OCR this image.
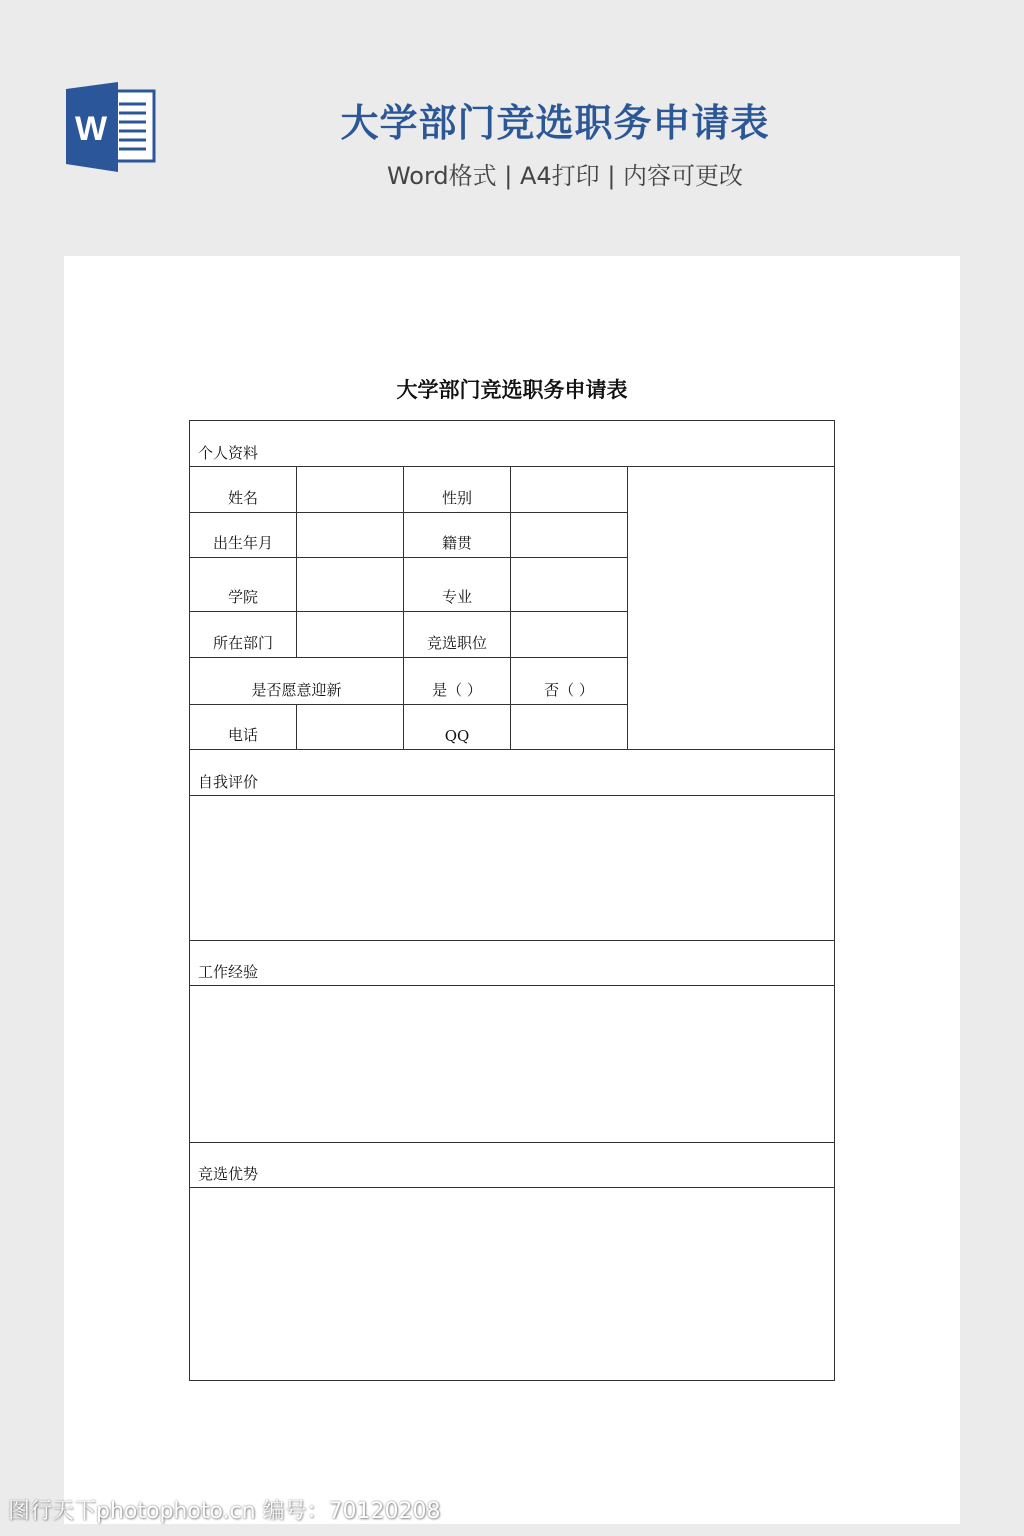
W	大学部门竞选职务申请表
Word格式 | A4打印 | 内容可更改
大学部门竞选职务申请表
个人资料				
姓名		性别		
出生年月		籍贯		
学院		专业		
所在部门		竞选职位		
是否愿意迎新		是（ ）	否（ ）	
电话		QQ		
自我评价				

工作经验				

竞选优势				

图行天下photophoto.cn 编号：70120208
